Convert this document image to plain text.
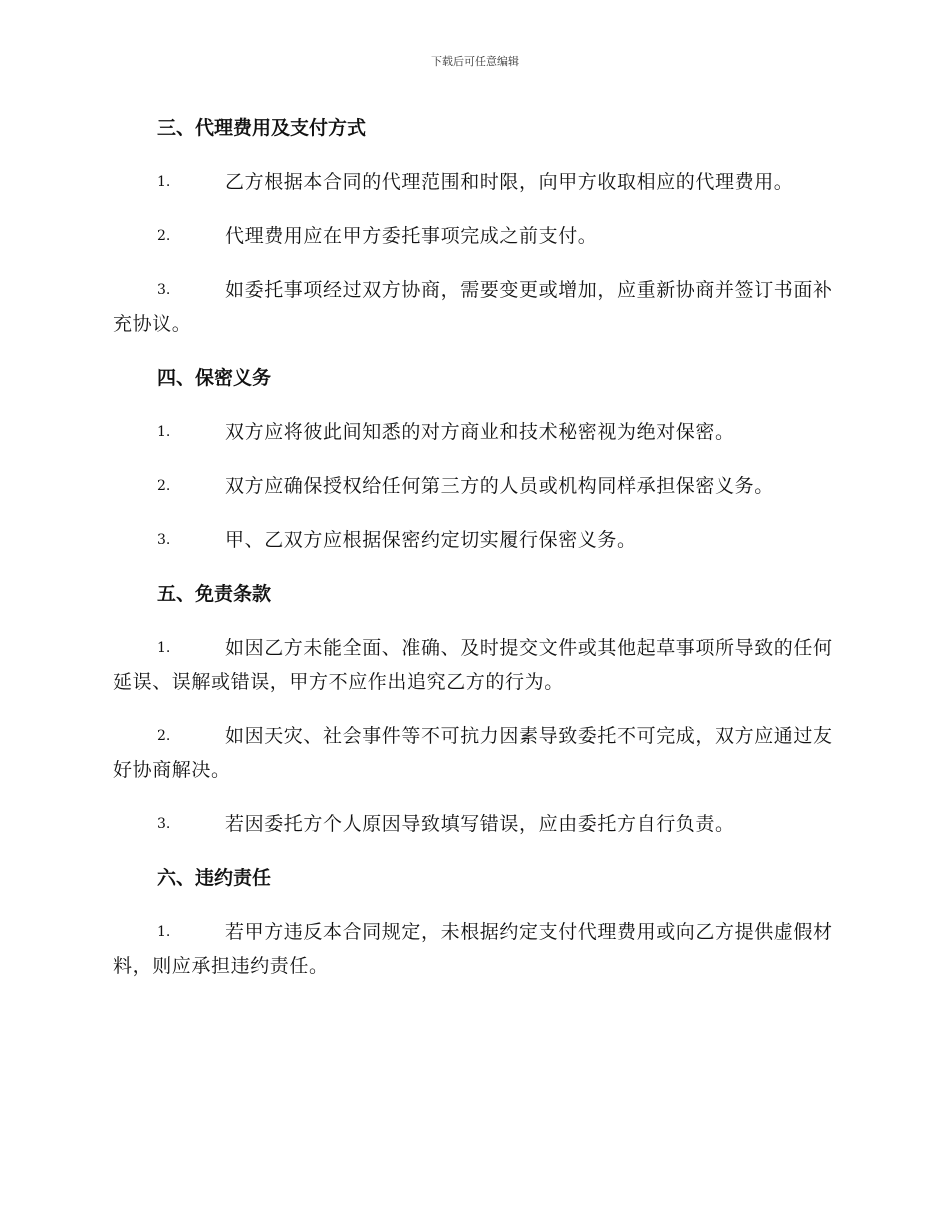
下载后可任意编辑
三、代理费用及支付方式

1.	乙方根据本合同的代理范围和时限，向甲方收取相应的代理费用。

2.	代理费用应在甲方委托事项完成之前支付。

3.	如委托事项经过双方协商，需要变更或增加，应重新协商并签订书面补充协议。

四、保密义务

1.	双方应将彼此间知悉的对方商业和技术秘密视为绝对保密。

2.	双方应确保授权给任何第三方的人员或机构同样承担保密义务。

3.	甲、乙双方应根据保密约定切实履行保密义务。

五、免责条款

1.	如因乙方未能全面、准确、及时提交文件或其他起草事项所导致的任何延误、误解或错误，甲方不应作出追究乙方的行为。

2.	如因天灾、社会事件等不可抗力因素导致委托不可完成，双方应通过友好协商解决。

3.	若因委托方个人原因导致填写错误，应由委托方自行负责。

六、违约责任

1.	若甲方违反本合同规定，未根据约定支付代理费用或向乙方提供虚假材料，则应承担违约责任。
